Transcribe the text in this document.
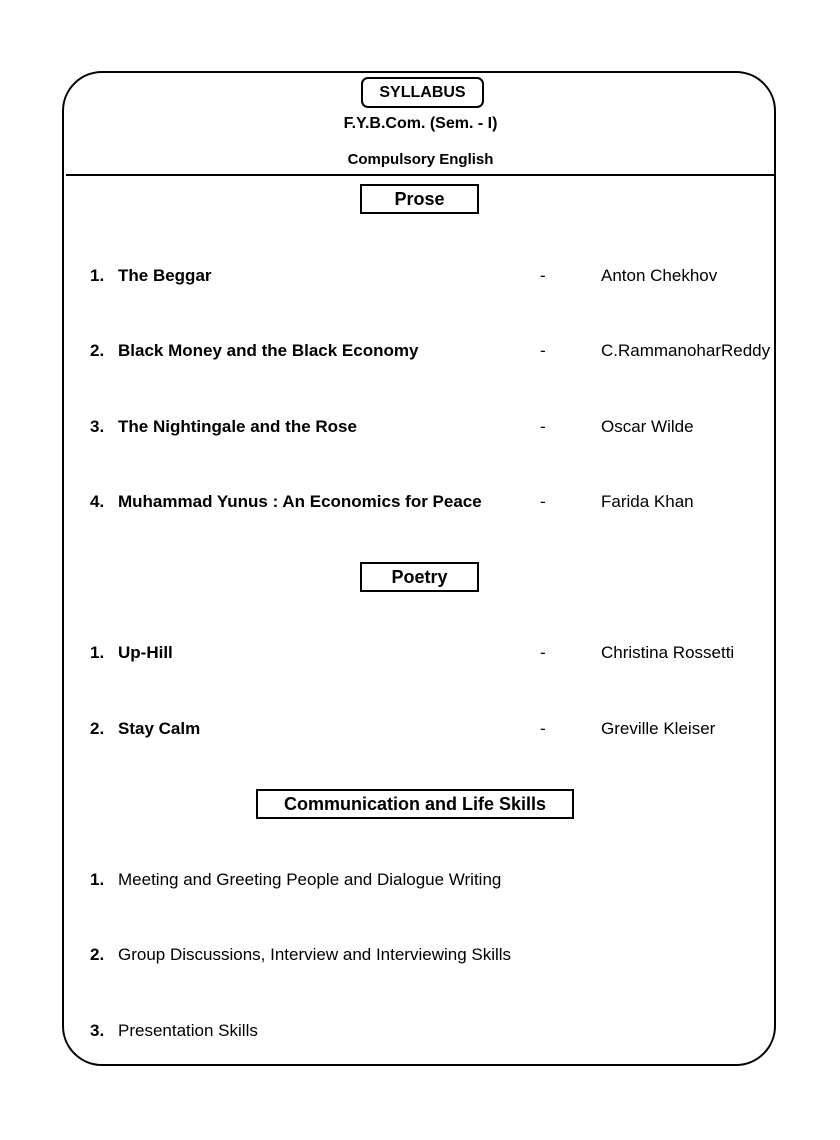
SYLLABUS
F.Y.B.Com. (Sem. - I)
Compulsory English
Prose
1. The Beggar	-	Anton Chekhov
2. Black Money and the Black Economy	-	C.RammanoharReddy
3. The Nightingale and the Rose	-	Oscar Wilde
4. Muhammad Yunus : An Economics for Peace	-	Farida Khan
Poetry
1. Up-Hill	-	Christina Rossetti
2. Stay Calm	-	Greville Kleiser
Communication and Life Skills
1. Meeting and Greeting People and Dialogue Writing
2. Group Discussions, Interview and Interviewing Skills
3. Presentation Skills
